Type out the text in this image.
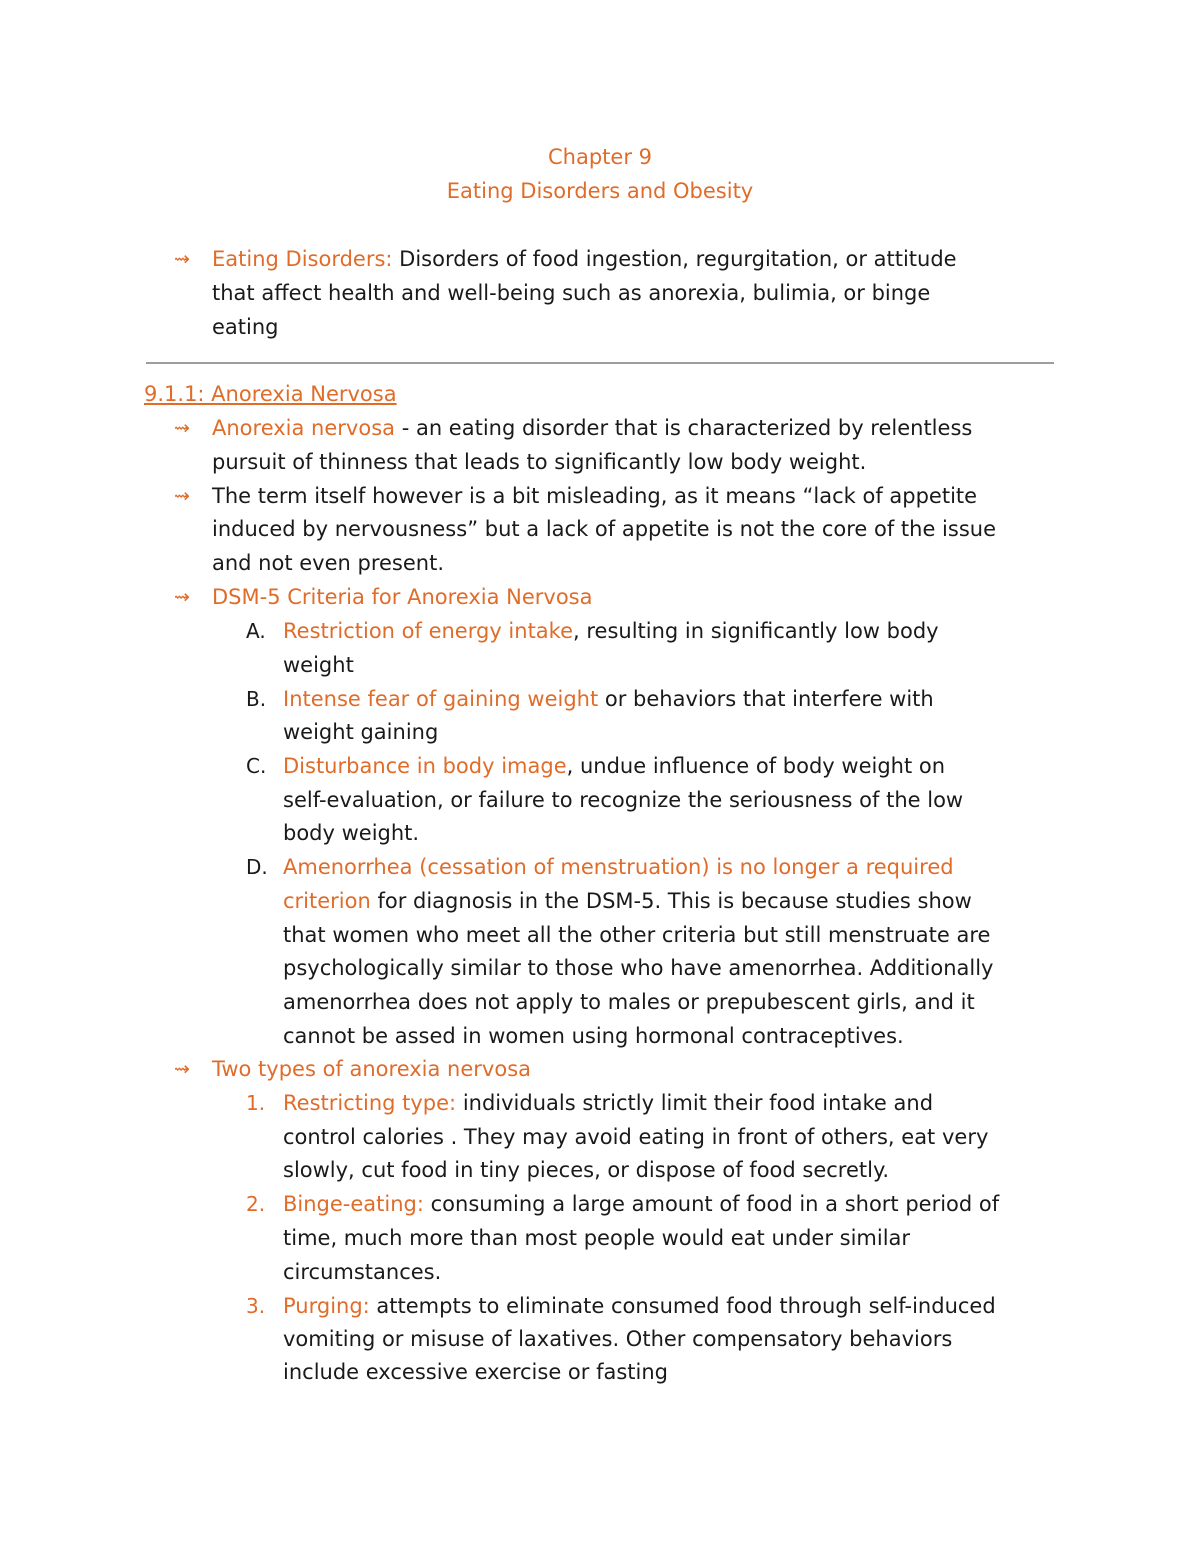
Chapter 9
Eating Disorders and Obesity
⇝ Eating Disorders: Disorders of food ingestion, regurgitation, or attitude
that affect health and well-being such as anorexia, bulimia, or binge
eating
9.1.1: Anorexia Nervosa
⇝ Anorexia nervosa - an eating disorder that is characterized by relentless
pursuit of thinness that leads to significantly low body weight.
⇝ The term itself however is a bit misleading, as it means “lack of appetite
induced by nervousness” but a lack of appetite is not the core of the issue
and not even present.
⇝ DSM-5 Criteria for Anorexia Nervosa
A. Restriction of energy intake, resulting in significantly low body
weight
B. Intense fear of gaining weight or behaviors that interfere with
weight gaining
C. Disturbance in body image, undue influence of body weight on
self-evaluation, or failure to recognize the seriousness of the low
body weight.
D. Amenorrhea (cessation of menstruation) is no longer a required
criterion for diagnosis in the DSM-5. This is because studies show
that women who meet all the other criteria but still menstruate are
psychologically similar to those who have amenorrhea. Additionally
amenorrhea does not apply to males or prepubescent girls, and it
cannot be assed in women using hormonal contraceptives.
⇝ Two types of anorexia nervosa
1. Restricting type: individuals strictly limit their food intake and
control calories . They may avoid eating in front of others, eat very
slowly, cut food in tiny pieces, or dispose of food secretly.
2. Binge-eating: consuming a large amount of food in a short period of
time, much more than most people would eat under similar
circumstances.
3. Purging: attempts to eliminate consumed food through self-induced
vomiting or misuse of laxatives. Other compensatory behaviors
include excessive exercise or fasting
